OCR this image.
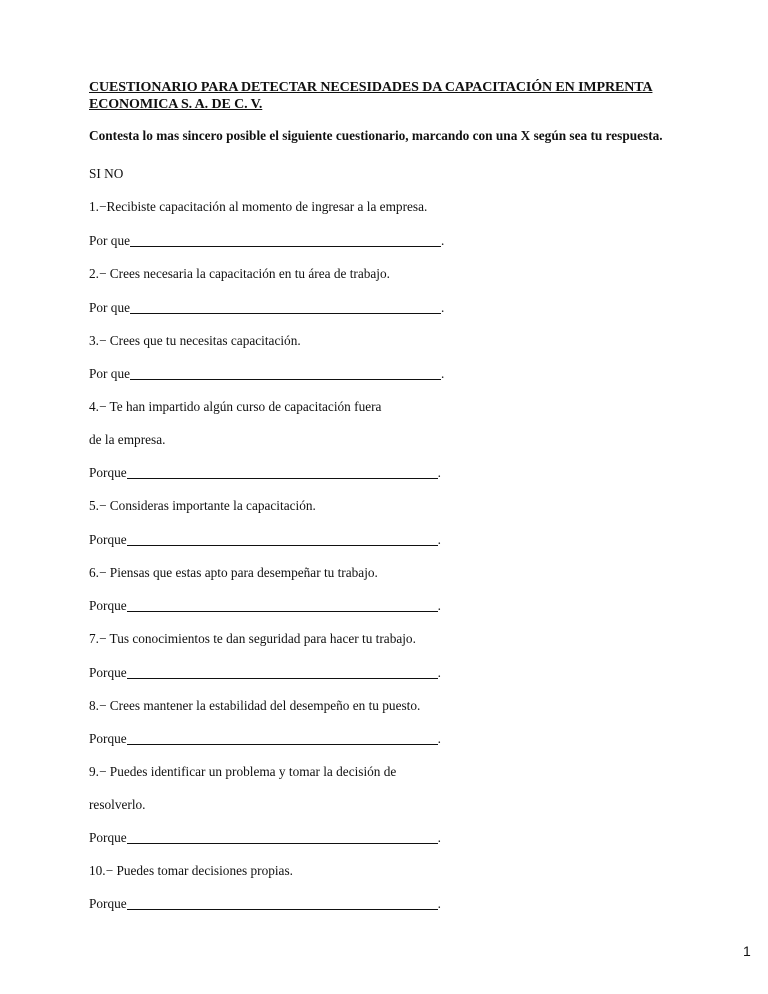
CUESTIONARIO PARA DETECTAR NECESIDADES DA CAPACITACIÓN EN IMPRENTA ECONOMICA S. A. DE C. V.
Contesta lo mas sincero posible el siguiente cuestionario, marcando con una X según sea tu respuesta.
SI NO
1.−Recibiste capacitación al momento de ingresar a la empresa.
Por que	.
2.− Crees necesaria la capacitación en tu área de trabajo.
Por que	.
3.− Crees que tu necesitas capacitación.
Por que	.
4.− Te han impartido algún curso de capacitación fuera
de la empresa.
Porque	.
5.− Consideras importante la capacitación.
Porque	.
6.− Piensas que estas apto para desempeñar tu trabajo.
Porque	.
7.− Tus conocimientos te dan seguridad para hacer tu trabajo.
Porque	.
8.− Crees mantener la estabilidad del desempeño en tu puesto.
Porque	.
9.− Puedes identificar un problema y tomar la decisión de
resolverlo.
Porque	.
10.− Puedes tomar decisiones propias.
Porque	.
1
